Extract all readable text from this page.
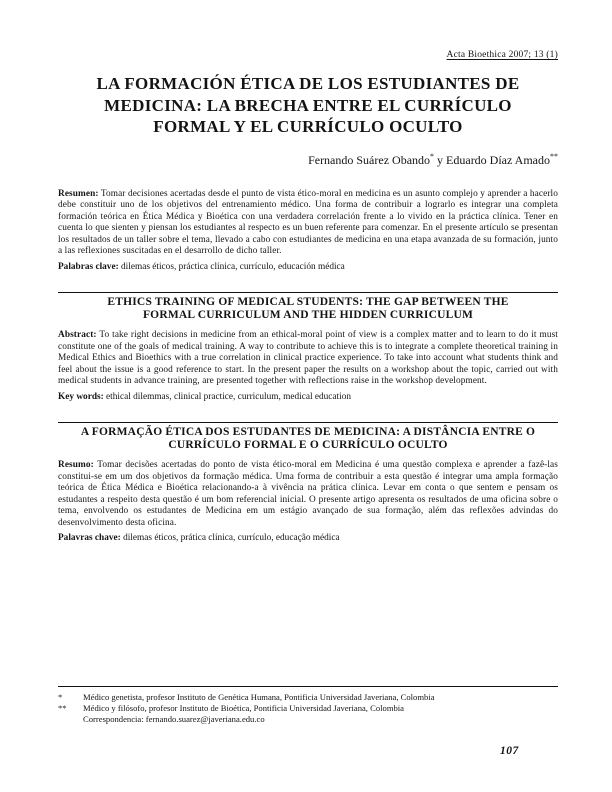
Acta Bioethica 2007; 13 (1)
LA FORMACIÓN ÉTICA DE LOS ESTUDIANTES DE MEDICINA: LA BRECHA ENTRE EL CURRÍCULO FORMAL Y EL CURRÍCULO OCULTO
Fernando Suárez Obando* y Eduardo Díaz Amado**

Resumen: Tomar decisiones acertadas desde el punto de vista ético-moral en medicina es un asunto complejo y aprender a hacerlo debe constituir uno de los objetivos del entrenamiento médico. Una forma de contribuir a lograrlo es integrar una completa formación teórica en Ética Médica y Bioética con una verdadera correlación frente a lo vivido en la práctica clínica. Tener en cuenta lo que sienten y piensan los estudiantes al respecto es un buen referente para comenzar. En el presente artículo se presentan los resultados de un taller sobre el tema, llevado a cabo con estudiantes de medicina en una etapa avanzada de su formación, junto a las reflexiones suscitadas en el desarrollo de dicho taller.

Palabras clave: dilemas éticos, práctica clínica, currículo, educación médica

ETHICS TRAINING OF MEDICAL STUDENTS: THE GAP BETWEEN THE FORMAL CURRICULUM AND THE HIDDEN CURRICULUM

Abstract: To take right decisions in medicine from an ethical-moral point of view is a complex matter and to learn to do it must constitute one of the goals of medical training. A way to contribute to achieve this is to integrate a complete theoretical training in Medical Ethics and Bioethics with a true correlation in clinical practice experience. To take into account what students think and feel about the issue is a good reference to start. In the present paper the results on a workshop about the topic, carried out with medical students in advance training, are presented together with reflections raise in the workshop development.

Key words: ethical dilemmas, clinical practice, curriculum, medical education

A FORMAÇÃO ÉTICA DOS ESTUDANTES DE MEDICINA: A DISTÂNCIA ENTRE O CURRÍCULO FORMAL E O CURRÍCULO OCULTO

Resumo: Tomar decisões acertadas do ponto de vista ético-moral em Medicina é uma questão complexa e aprender a fazê-las constitui-se em um dos objetivos da formação médica. Uma forma de contribuir a esta questão é integrar uma ampla formação teórica de Ética Médica e Bioética relacionando-a à vivência na prática clínica. Levar em conta o que sentem e pensam os estudantes a respeito desta questão é um bom referencial inicial. O presente artigo apresenta os resultados de uma oficina sobre o tema, envolvendo os estudantes de Medicina em um estágio avançado de sua formação, além das reflexões advindas do desenvolvimento desta oficina.

Palavras chave: dilemas éticos, prática clínica, currículo, educação médica

*	Médico genetista, profesor Instituto de Genética Humana, Pontificia Universidad Javeriana, Colombia
**	Médico y filósofo, profesor Instituto de Bioética, Pontificia Universidad Javeriana, Colombia
Correspondencia: fernando.suarez@javeriana.edu.co
107
